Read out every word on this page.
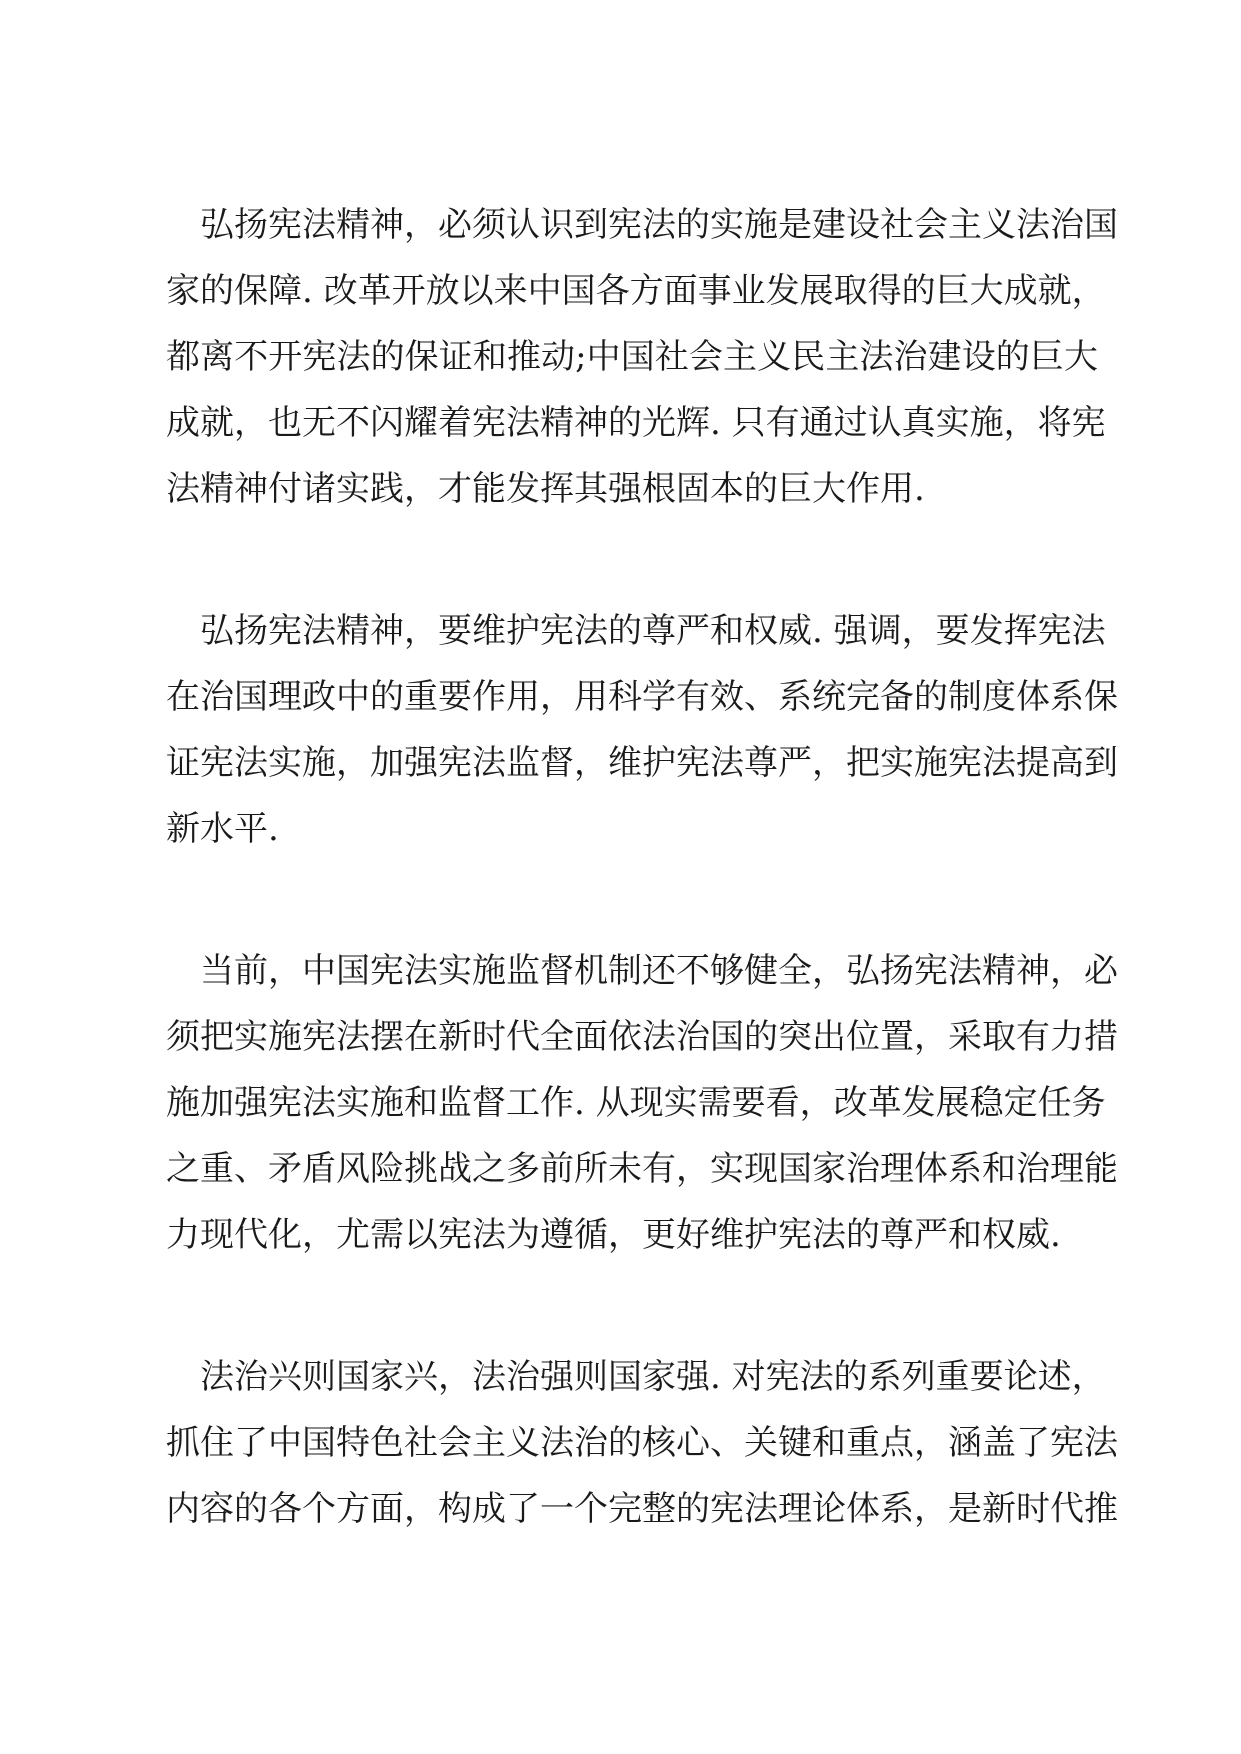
弘扬宪法精神，必须认识到宪法的实施是建设社会主义法治国
家的保障. 改革开放以来中国各方面事业发展取得的巨大成就，
都离不开宪法的保证和推动;中国社会主义民主法治建设的巨大
成就，也无不闪耀着宪法精神的光辉. 只有通过认真实施，将宪
法精神付诸实践，才能发挥其强根固本的巨大作用.
弘扬宪法精神，要维护宪法的尊严和权威. 强调，要发挥宪法
在治国理政中的重要作用，用科学有效、系统完备的制度体系保
证宪法实施，加强宪法监督，维护宪法尊严，把实施宪法提高到
新水平.
当前，中国宪法实施监督机制还不够健全，弘扬宪法精神，必
须把实施宪法摆在新时代全面依法治国的突出位置，采取有力措
施加强宪法实施和监督工作. 从现实需要看，改革发展稳定任务
之重、矛盾风险挑战之多前所未有，实现国家治理体系和治理能
力现代化，尤需以宪法为遵循，更好维护宪法的尊严和权威.
法治兴则国家兴，法治强则国家强. 对宪法的系列重要论述，
抓住了中国特色社会主义法治的核心、关键和重点，涵盖了宪法
内容的各个方面，构成了一个完整的宪法理论体系，是新时代推
